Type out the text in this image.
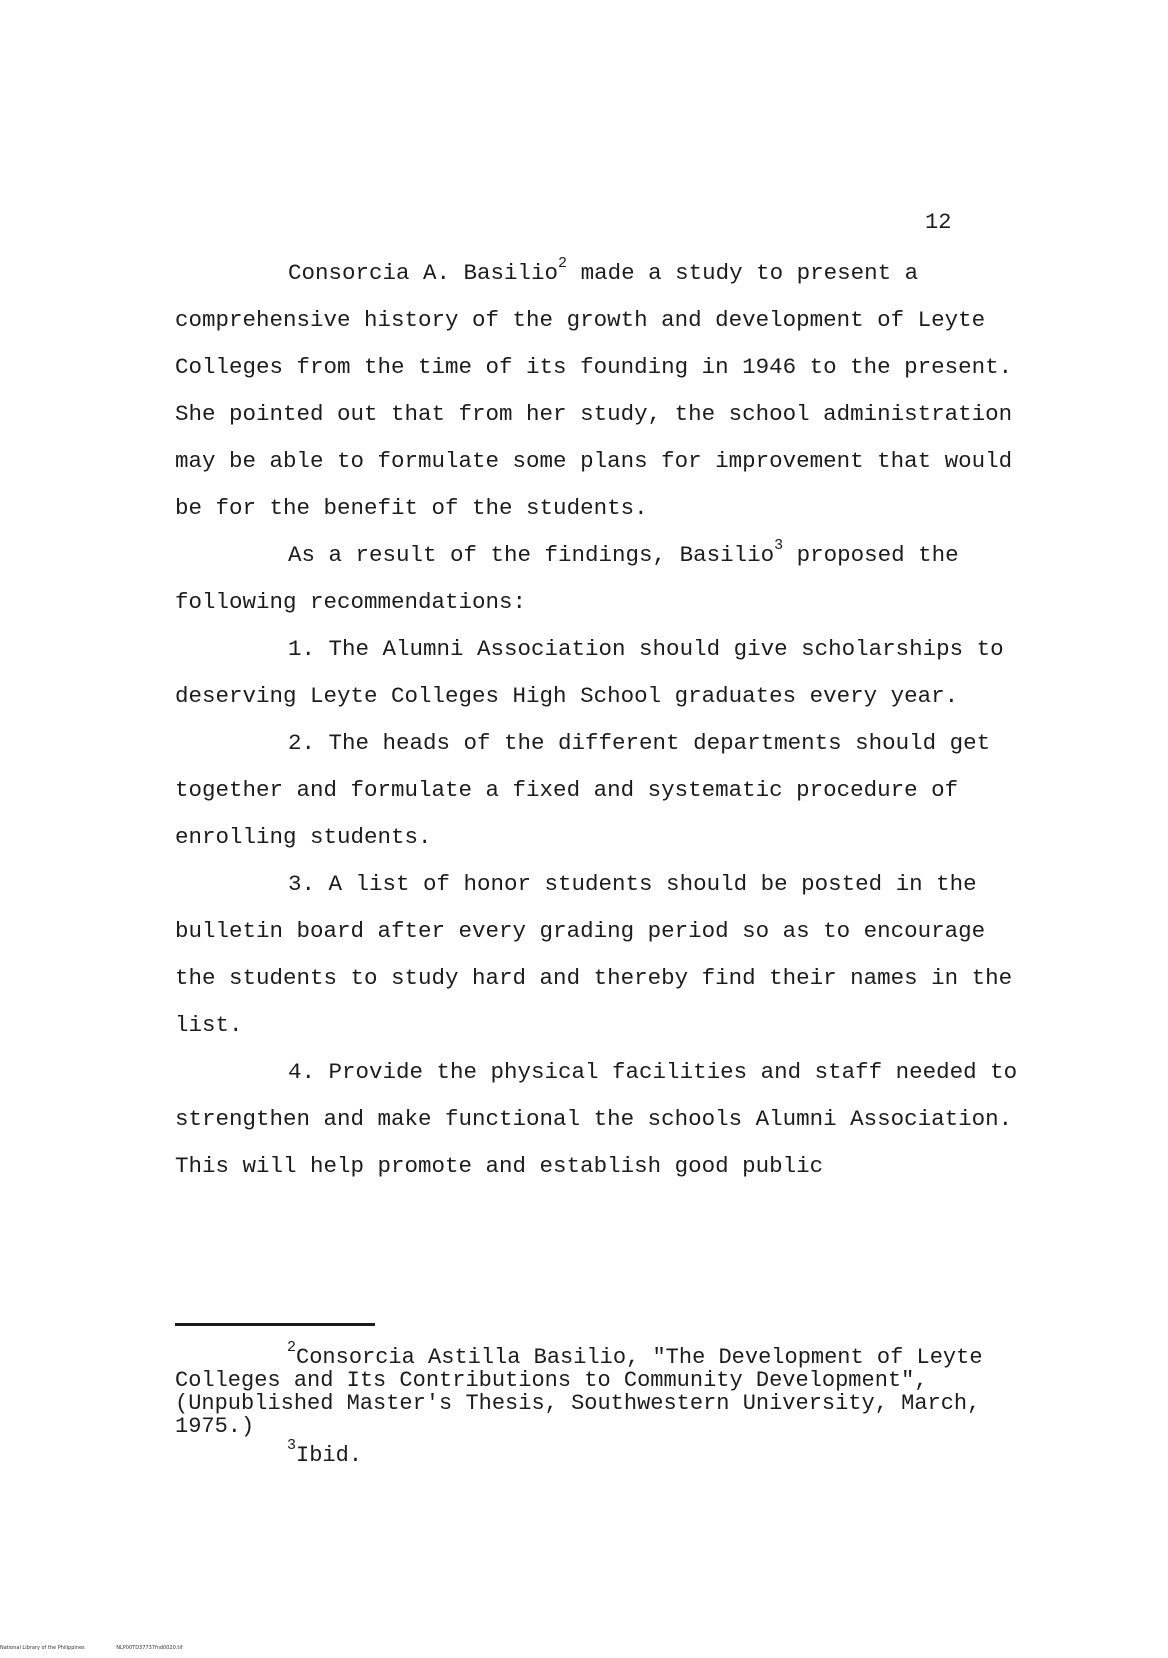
12

Consorcia A. Basilio$^2$ made a study to present a comprehensive history of the growth and development of Leyte Colleges from the time of its founding in 1946 to the present. She pointed out that from her study, the school administration may be able to formulate some plans for improvement that would be for the benefit of the students.

As a result of the findings, Basilio$^3$ proposed the following recommendations:

1. The Alumni Association should give scholarships to deserving Leyte Colleges High School graduates every year.

2. The heads of the different departments should get together and formulate a fixed and systematic procedure of enrolling students.

3. A list of honor students should be posted in the bulletin board after every grading period so as to encourage the students to study hard and thereby find their names in the list.

4. Provide the physical facilities and staff needed to strengthen and make functional the schools Alumni Association. This will help promote and establish good public

$^2$Consorcia Astilla Basilio, "The Development of Leyte Colleges and Its Contributions to Community Development", (Unpublished Master's Thesis, Southwestern University, March, 1975.)

$^3$Ibid.

National Library of the Philippines	NLP00TD37737fnd0020.tif
